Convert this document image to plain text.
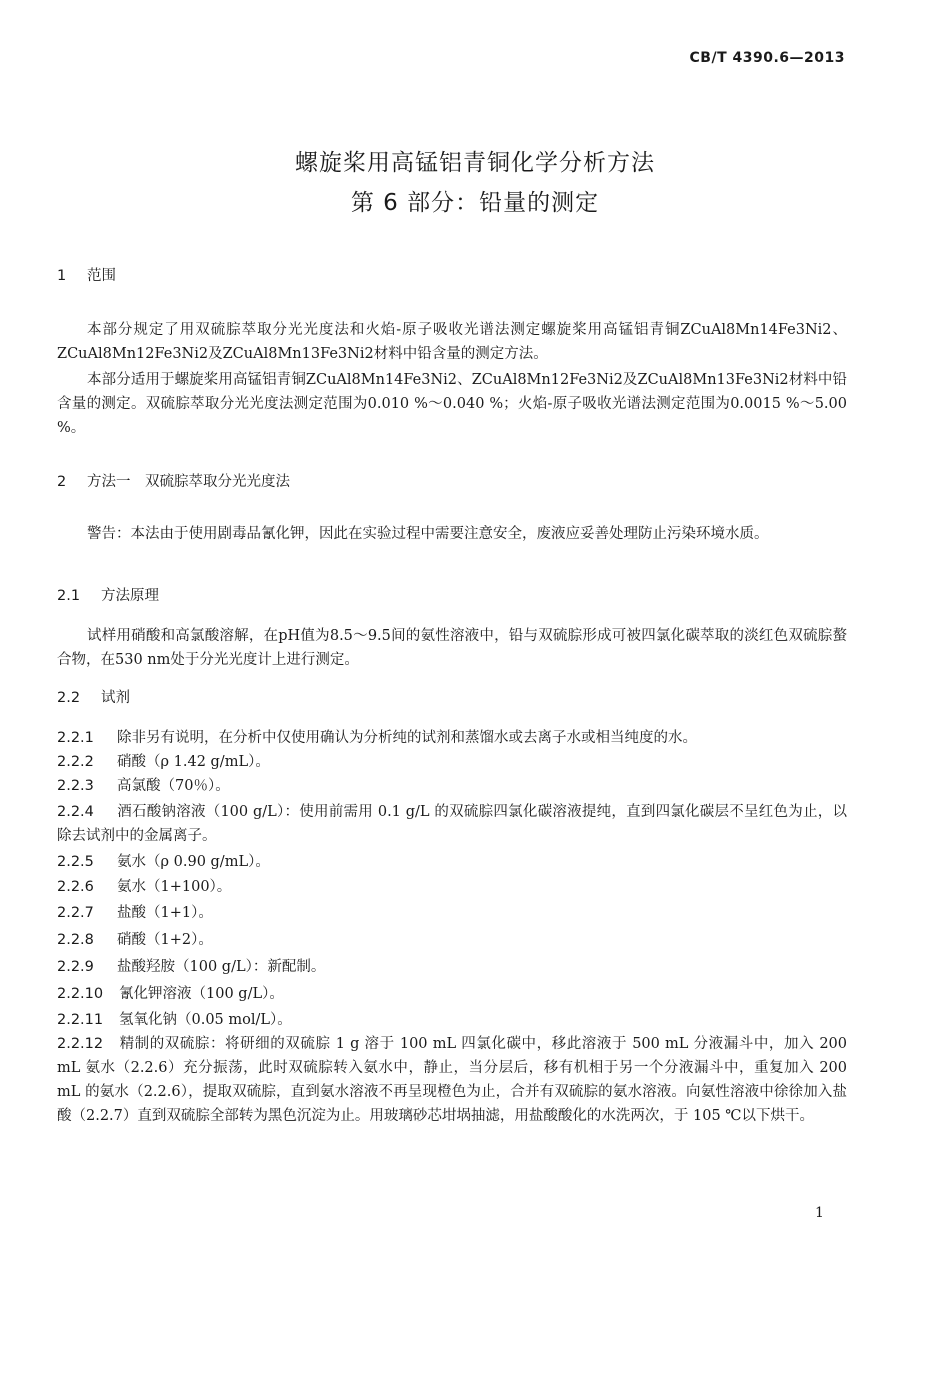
CB/T 4390.6—2013
螺旋桨用高锰铝青铜化学分析方法
第 6 部分：铅量的测定
1 范围
本部分规定了用双硫腙萃取分光光度法和火焰-原子吸收光谱法测定螺旋桨用高锰铝青铜ZCuAl8Mn14Fe3Ni2、ZCuAl8Mn12Fe3Ni2及ZCuAl8Mn13Fe3Ni2材料中铅含量的测定方法。
本部分适用于螺旋桨用高锰铝青铜ZCuAl8Mn14Fe3Ni2、ZCuAl8Mn12Fe3Ni2及ZCuAl8Mn13Fe3Ni2材料中铅含量的测定。双硫腙萃取分光光度法测定范围为0.010 %～0.040 %；火焰-原子吸收光谱法测定范围为0.0015 %～5.00 %。
2 方法一　双硫腙萃取分光光度法
警告：本法由于使用剧毒品氰化钾，因此在实验过程中需要注意安全，废液应妥善处理防止污染环境水质。
2.1 方法原理
试样用硝酸和高氯酸溶解，在pH值为8.5～9.5间的氨性溶液中，铅与双硫腙形成可被四氯化碳萃取的淡红色双硫腙螯合物，在530 nm处于分光光度计上进行测定。
2.2 试剂
2.2.1 除非另有说明，在分析中仅使用确认为分析纯的试剂和蒸馏水或去离子水或相当纯度的水。
2.2.2 硝酸（ρ 1.42 g/mL）。
2.2.3 高氯酸（70％）。
2.2.4 酒石酸钠溶液（100 g/L）：使用前需用 0.1 g/L 的双硫腙四氯化碳溶液提纯，直到四氯化碳层不呈红色为止，以除去试剂中的金属离子。
2.2.5 氨水（ρ 0.90 g/mL）。
2.2.6 氨水（1+100）。
2.2.7 盐酸（1+1）。
2.2.8 硝酸（1+2）。
2.2.9 盐酸羟胺（100 g/L）：新配制。
2.2.10 氰化钾溶液（100 g/L）。
2.2.11 氢氧化钠（0.05 mol/L）。
2.2.12 精制的双硫腙：将研细的双硫腙 1 g 溶于 100 mL 四氯化碳中，移此溶液于 500 mL 分液漏斗中，加入 200 mL 氨水（2.2.6）充分振荡，此时双硫腙转入氨水中，静止，当分层后，移有机相于另一个分液漏斗中，重复加入 200 mL 的氨水（2.2.6），提取双硫腙，直到氨水溶液不再呈现橙色为止，合并有双硫腙的氨水溶液。向氨性溶液中徐徐加入盐酸（2.2.7）直到双硫腙全部转为黑色沉淀为止。用玻璃砂芯坩埚抽滤，用盐酸酸化的水洗两次，于 105 ℃以下烘干。
1
